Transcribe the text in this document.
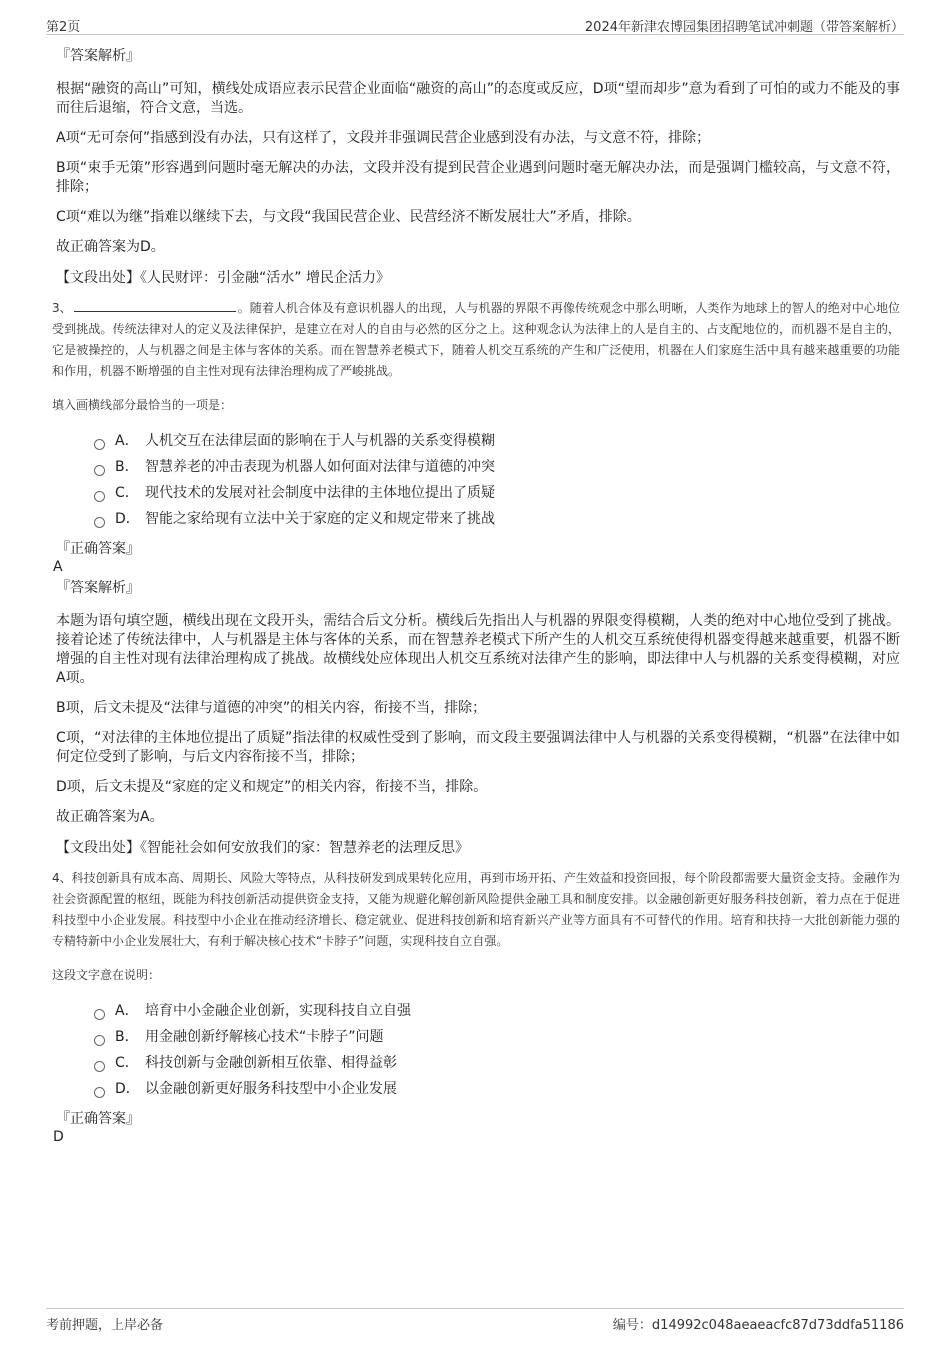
第2页	2024年新津农博园集团招聘笔试冲刺题（带答案解析）

『答案解析』

根据“融资的高山”可知，横线处成语应表示民营企业面临“融资的高山”的态度或反应，D项“望而却步”意为看到了可怕的或力不能及的事而往后退缩，符合文意，当选。

A项“无可奈何”指感到没有办法，只有这样了，文段并非强调民营企业感到没有办法，与文意不符，排除；

B项“束手无策”形容遇到问题时毫无解决的办法，文段并没有提到民营企业遇到问题时毫无解决办法，而是强调门槛较高，与文意不符，排除；

C项“难以为继”指难以继续下去，与文段“我国民营企业、民营经济不断发展壮大”矛盾，排除。

故正确答案为D。

【文段出处】《人民财评：引金融“活水” 增民企活力》

3、	。随着人机合体及有意识机器人的出现，人与机器的界限不再像传统观念中那么明晰，人类作为地球上的智人的绝对中心地位受到挑战。传统法律对人的定义及法律保护，是建立在对人的自由与必然的区分之上。这种观念认为法律上的人是自主的、占支配地位的，而机器不是自主的，它是被操控的，人与机器之间是主体与客体的关系。而在智慧养老模式下，随着人机交互系统的产生和广泛使用，机器在人们家庭生活中具有越来越重要的功能和作用，机器不断增强的自主性对现有法律治理构成了严峻挑战。

填入画横线部分最恰当的一项是：

A． 人机交互在法律层面的影响在于人与机器的关系变得模糊
B． 智慧养老的冲击表现为机器人如何面对法律与道德的冲突
C． 现代技术的发展对社会制度中法律的主体地位提出了质疑
D． 智能之家给现有立法中关于家庭的定义和规定带来了挑战

『正确答案』

A

『答案解析』

本题为语句填空题，横线出现在文段开头，需结合后文分析。横线后先指出人与机器的界限变得模糊，人类的绝对中心地位受到了挑战。接着论述了传统法律中，人与机器是主体与客体的关系，而在智慧养老模式下所产生的人机交互系统使得机器变得越来越重要，机器不断增强的自主性对现有法律治理构成了挑战。故横线处应体现出人机交互系统对法律产生的影响，即法律中人与机器的关系变得模糊，对应A项。

B项，后文未提及“法律与道德的冲突”的相关内容，衔接不当，排除；

C项，“对法律的主体地位提出了质疑”指法律的权威性受到了影响，而文段主要强调法律中人与机器的关系变得模糊，“机器”在法律中如何定位受到了影响，与后文内容衔接不当，排除；

D项，后文未提及“家庭的定义和规定”的相关内容，衔接不当，排除。

故正确答案为A。

【文段出处】《智能社会如何安放我们的家：智慧养老的法理反思》

4、科技创新具有成本高、周期长、风险大等特点，从科技研发到成果转化应用，再到市场开拓、产生效益和投资回报，每个阶段都需要大量资金支持。金融作为社会资源配置的枢纽，既能为科技创新活动提供资金支持，又能为规避化解创新风险提供金融工具和制度安排。以金融创新更好服务科技创新，着力点在于促进科技型中小企业发展。科技型中小企业在推动经济增长、稳定就业、促进科技创新和培育新兴产业等方面具有不可替代的作用。培育和扶持一大批创新能力强的专精特新中小企业发展壮大，有利于解决核心技术“卡脖子”问题，实现科技自立自强。

这段文字意在说明：

A． 培育中小金融企业创新，实现科技自立自强
B． 用金融创新纾解核心技术“卡脖子”问题
C． 科技创新与金融创新相互依靠、相得益彰
D． 以金融创新更好服务科技型中小企业发展

『正确答案』

D

考前押题，上岸必备	编号：d14992c048aeaeacfc87d73ddfa51186
